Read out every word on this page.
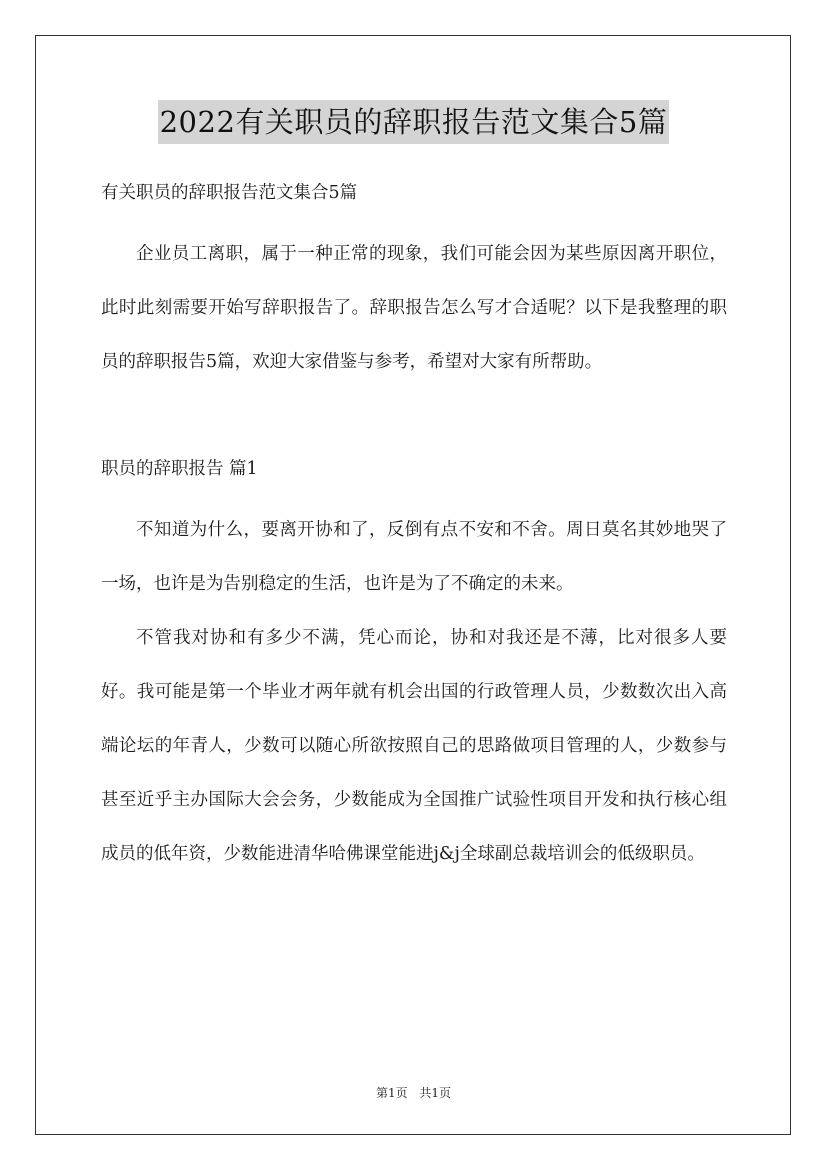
2022有关职员的辞职报告范文集合5篇

有关职员的辞职报告范文集合5篇

企业员工离职，属于一种正常的现象，我们可能会因为某些原因离开职位，此时此刻需要开始写辞职报告了。辞职报告怎么写才合适呢？以下是我整理的职员的辞职报告5篇，欢迎大家借鉴与参考，希望对大家有所帮助。

职员的辞职报告 篇1

不知道为什么，要离开协和了，反倒有点不安和不舍。周日莫名其妙地哭了一场，也许是为告别稳定的生活，也许是为了不确定的未来。

不管我对协和有多少不满，凭心而论，协和对我还是不薄，比对很多人要好。我可能是第一个毕业才两年就有机会出国的行政管理人员，少数数次出入高端论坛的年青人，少数可以随心所欲按照自己的思路做项目管理的人，少数参与甚至近乎主办国际大会会务，少数能成为全国推广试验性项目开发和执行核心组成员的低年资，少数能进清华哈佛课堂能进j&j全球副总裁培训会的低级职员。

第1页 共1页
